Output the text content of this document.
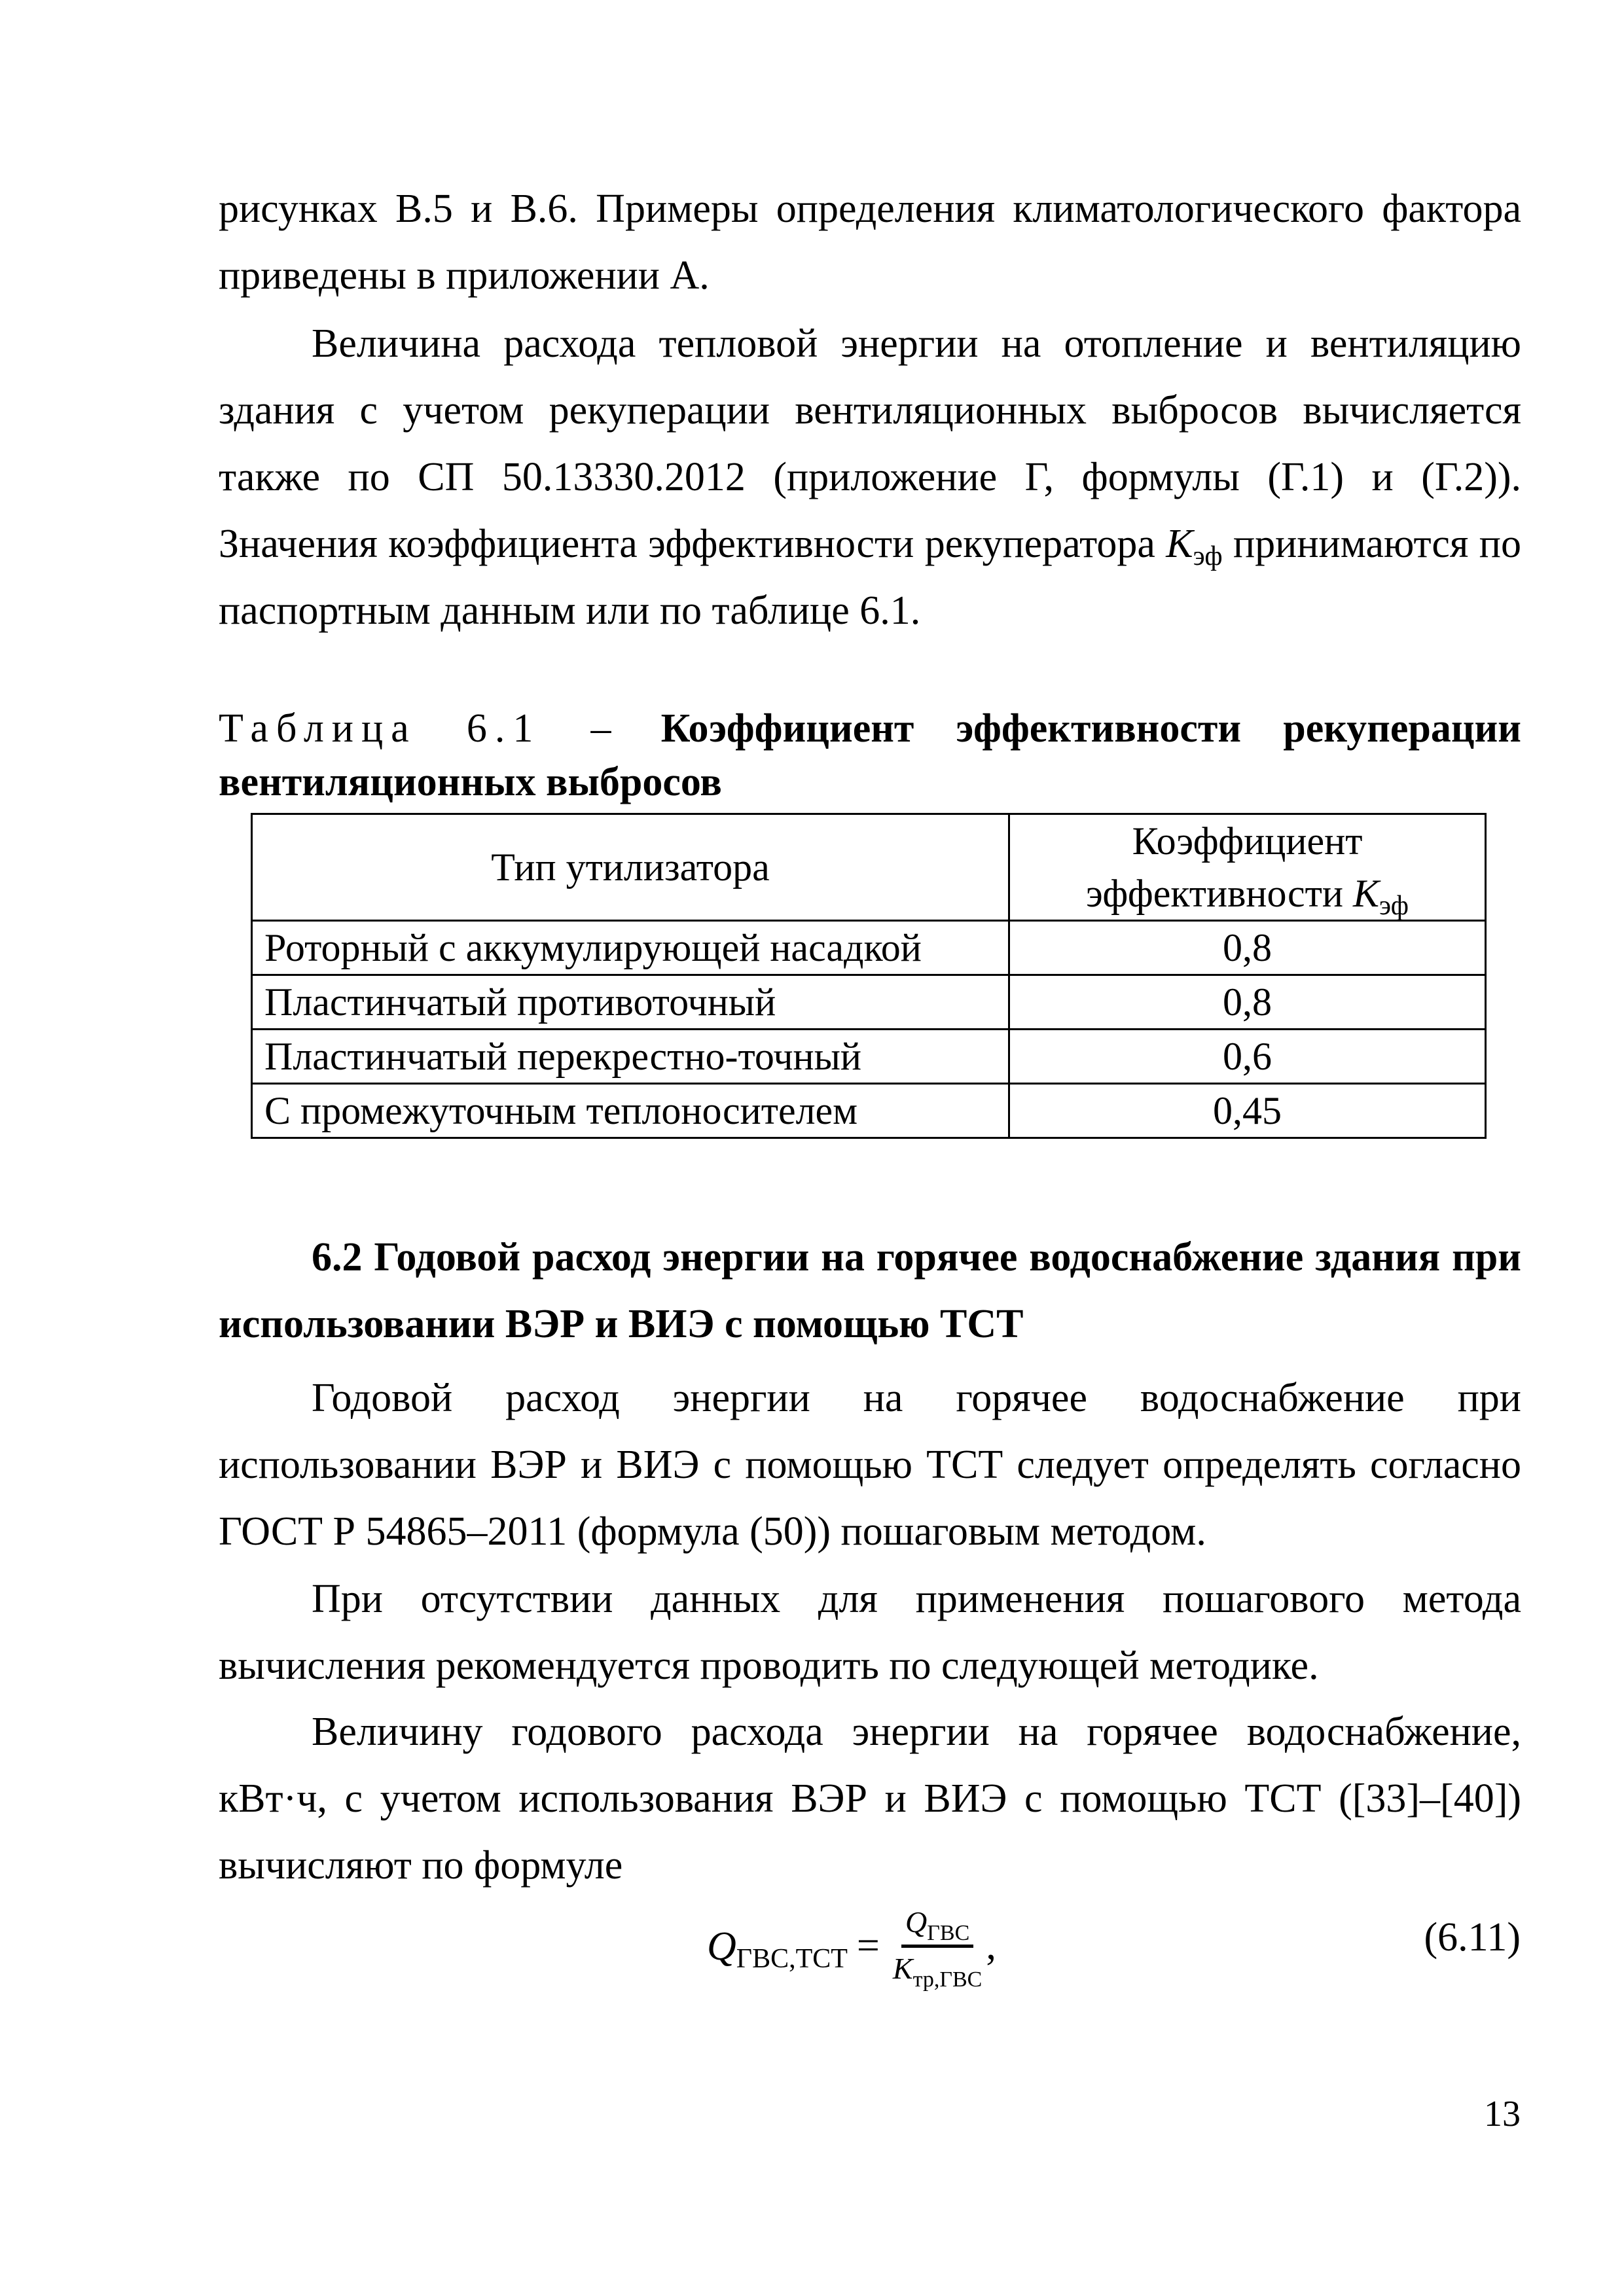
рисунках В.5 и В.6. Примеры определения климатологического фактора приведены в приложении А.
Величина расхода тепловой энергии на отопление и вентиляцию здания с учетом рекуперации вентиляционных выбросов вычисляется также по СП 50.13330.2012 (приложение Г, формулы (Г.1) и (Г.2)). Значения коэффициента эффективности рекуператора $K_{эф}$ принимаются по паспортным данным или по таблице 6.1.
Таблица 6.1 – Коэффициент эффективности рекуперации вентиляционных выбросов
Тип утилизатора	Коэффициент эффективности $K_{эф}$
Роторный с аккумулирующей насадкой	0,8
Пластинчатый противоточный	0,8
Пластинчатый перекрестно-точный	0,6
С промежуточным теплоносителем	0,45
6.2 Годовой расход энергии на горячее водоснабжение здания при использовании ВЭР и ВИЭ с помощью ТСТ
Годовой расход энергии на горячее водоснабжение при использовании ВЭР и ВИЭ с помощью ТСТ следует определять согласно ГОСТ Р 54865–2011 (формула (50)) пошаговым методом.
При отсутствии данных для применения пошагового метода вычисления рекомендуется проводить по следующей методике.
Величину годового расхода энергии на горячее водоснабжение, кВт·ч, с учетом использования ВЭР и ВИЭ с помощью ТСТ ([33]–[40]) вычисляют по формуле
$Q_{ГВС,ТСТ} = \frac{Q_{ГВС}}{K_{тр,ГВС}}$ ,	(6.11)
13
